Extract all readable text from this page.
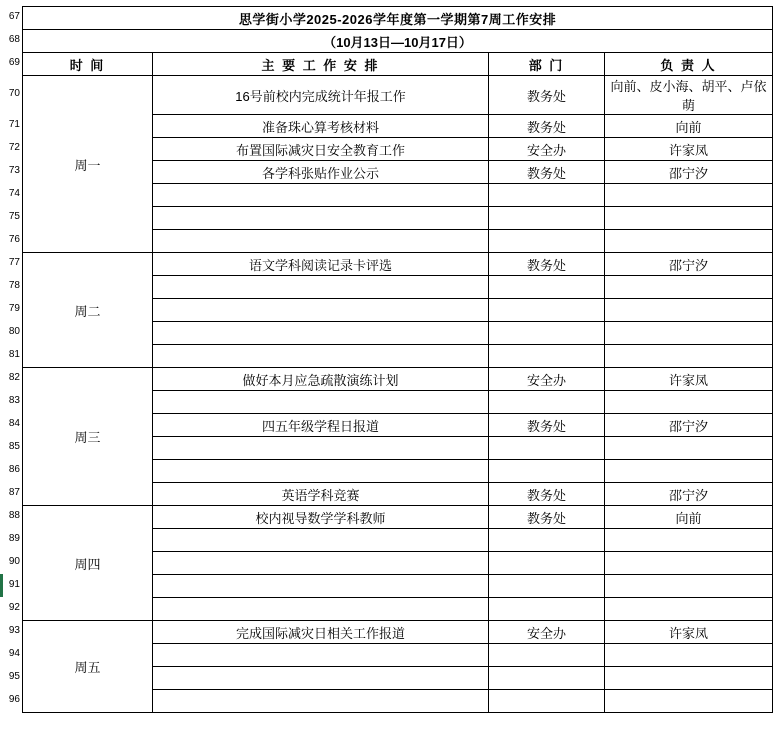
67
68
69
70
71
72
73
74
75
76
77
78
79
80
81
82
83
84
85
86
87
88
89
90
91
92
93
94
95
96
思学街小学2025-2026学年度第一学期第7周工作安排			
（10月13日—10月17日）			
时 间	主 要 工 作 安 排	部 门	负 责 人
周一	16号前校内完成统计年报工作	教务处	向前、皮小海、胡平、卢依萌
	准备珠心算考核材料	教务处	向前
	布置国际减灾日安全教育工作	安全办	许家凤
	各学科张贴作业公示	教务处	邵宁汐

周二	语文学科阅读记录卡评选	教务处	邵宁汐

周三	做好本月应急疏散演练计划	安全办	许家凤

	四五年级学程日报道	教务处	邵宁汐

	英语学科竞赛	教务处	邵宁汐
周四	校内视导数学学科教师	教务处	向前

周五	完成国际减灾日相关工作报道	安全办	许家凤
